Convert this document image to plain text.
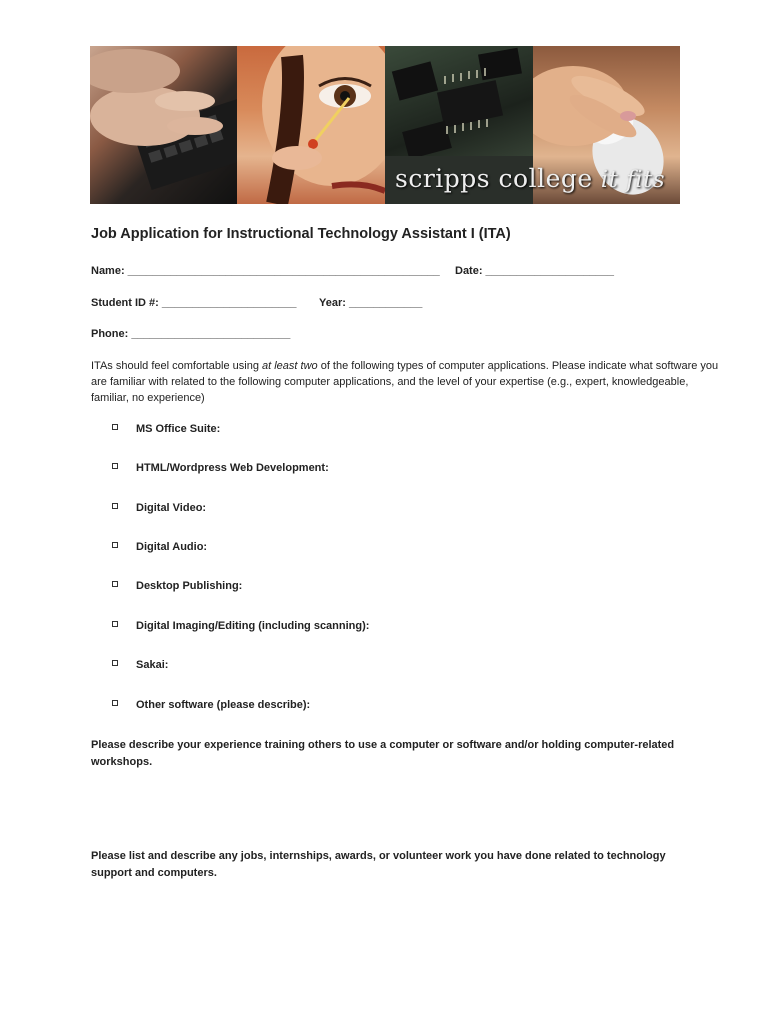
scripps college it fits
Job Application for Instructional Technology Assistant I (ITA)
Name: ___________________________________________________ Date: _____________________
Student ID #: ______________________ Year: ____________
Phone: __________________________
ITAs should feel comfortable using at least two of the following types of computer applications. Please indicate what software you are familiar with related to the following computer applications, and the level of your expertise (e.g., expert, knowledgeable, familiar, no experience)
MS Office Suite:
HTML/Wordpress Web Development:
Digital Video:
Digital Audio:
Desktop Publishing:
Digital Imaging/Editing (including scanning):
Sakai:
Other software (please describe):
Please describe your experience training others to use a computer or software and/or holding computer-related workshops.
Please list and describe any jobs, internships, awards, or volunteer work you have done related to technology support and computers.
